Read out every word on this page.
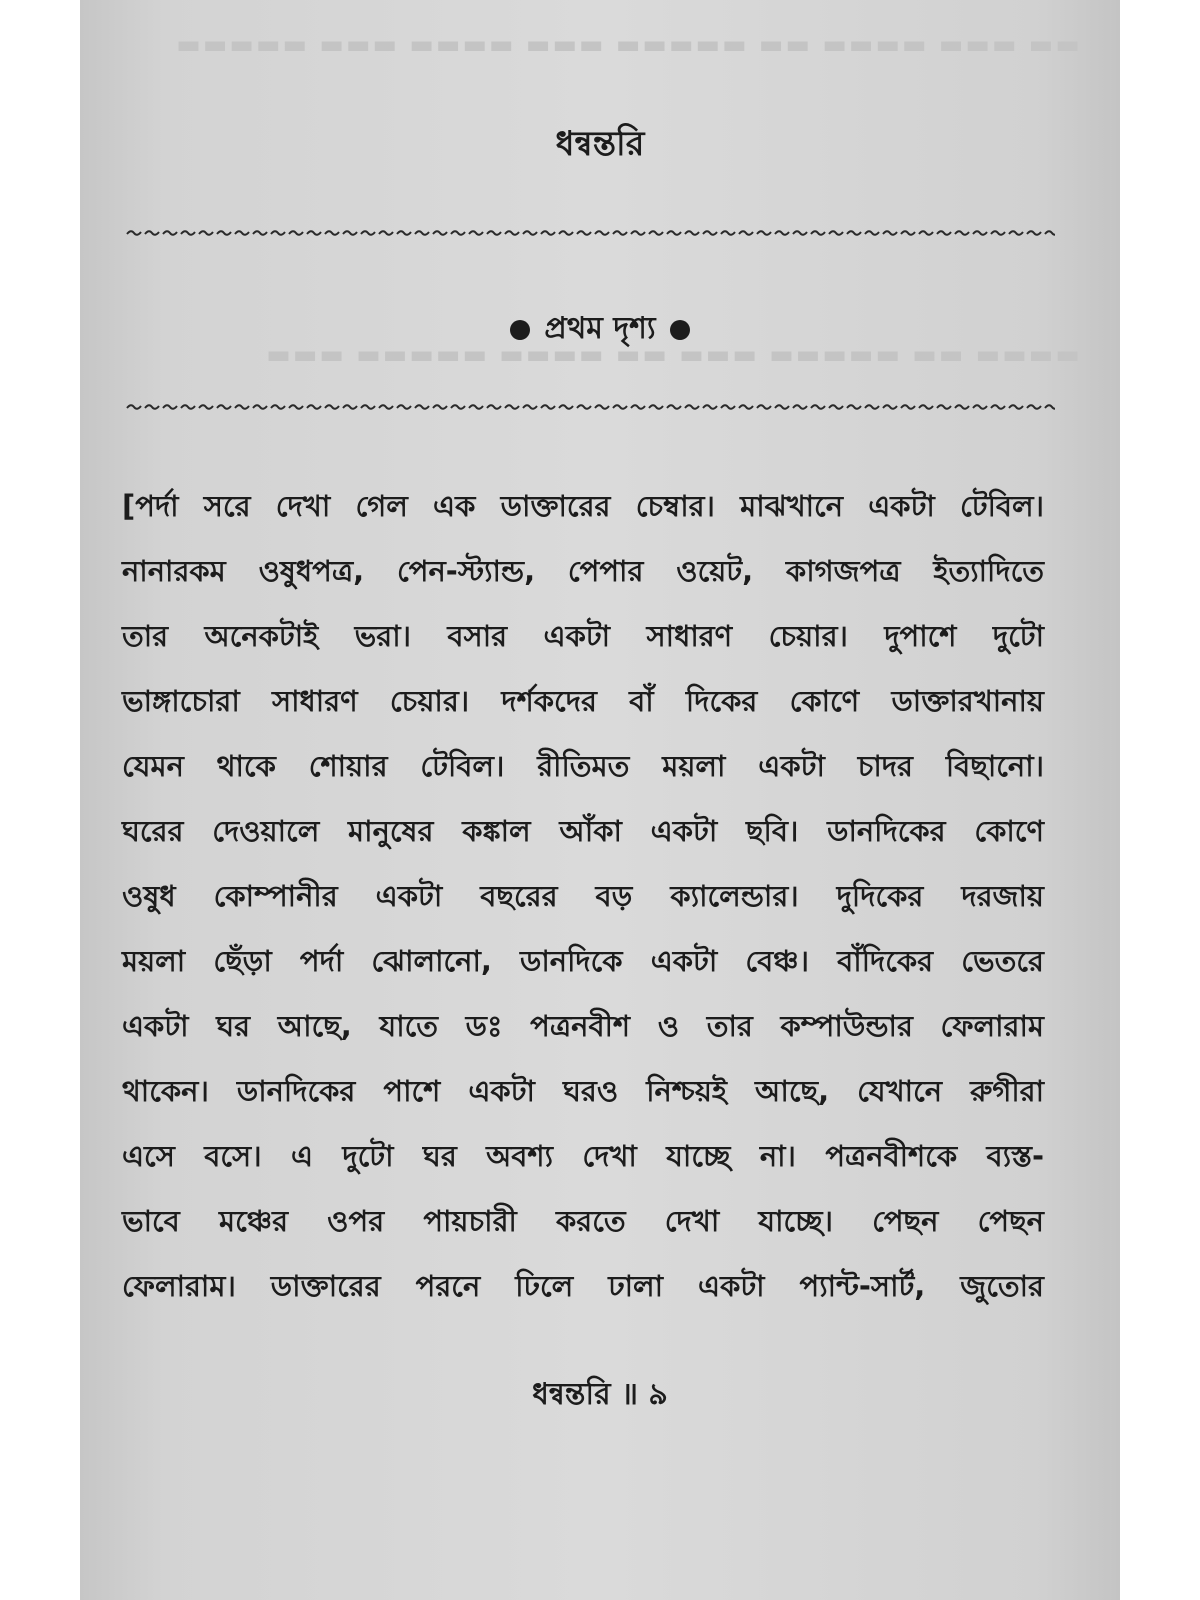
▬▬ ▬▬▬ ▬▬▬▬ ▬▬ ▬▬▬▬▬ ▬▬▬ ▬▬▬▬ ▬▬▬ ▬▬▬▬▬
▬▬▬▬ ▬▬ ▬▬▬▬▬ ▬▬▬ ▬▬ ▬▬▬▬ ▬▬▬▬▬ ▬▬▬
ধন্বন্তরি
প্রথম দৃশ্য
[পর্দা সরে দেখা গেল এক ডাক্তারের চেম্বার। মাঝখানে একটা টেবিল।
নানারকম ওষুধপত্র, পেন-স্ট্যান্ড, পেপার ওয়েট, কাগজপত্র ইত্যাদিতে
তার অনেকটাই ভরা। বসার একটা সাধারণ চেয়ার। দুপাশে দুটো
ভাঙ্গাচোরা সাধারণ চেয়ার। দর্শকদের বাঁ দিকের কোণে ডাক্তারখানায়
যেমন থাকে শোয়ার টেবিল। রীতিমত ময়লা একটা চাদর বিছানো।
ঘরের দেওয়ালে মানুষের কঙ্কাল আঁকা একটা ছবি। ডানদিকের কোণে
ওষুধ কোম্পানীর একটা বছরের বড় ক্যালেন্ডার। দুদিকের দরজায়
ময়লা ছেঁড়া পর্দা ঝোলানো, ডানদিকে একটা বেঞ্চ। বাঁদিকের ভেতরে
একটা ঘর আছে, যাতে ডঃ পত্রনবীশ ও তার কম্পাউন্ডার ফেলারাম
থাকেন। ডানদিকের পাশে একটা ঘরও নিশ্চয়ই আছে, যেখানে রুগীরা
এসে বসে। এ দুটো ঘর অবশ্য দেখা যাচ্ছে না। পত্রনবীশকে ব্যস্ত-
ভাবে মঞ্চের ওপর পায়চারী করতে দেখা যাচ্ছে। পেছন পেছন
ফেলারাম। ডাক্তারের পরনে ঢিলে ঢালা একটা প্যান্ট-সার্ট, জুতোর
ধন্বন্তরি ॥ ৯
